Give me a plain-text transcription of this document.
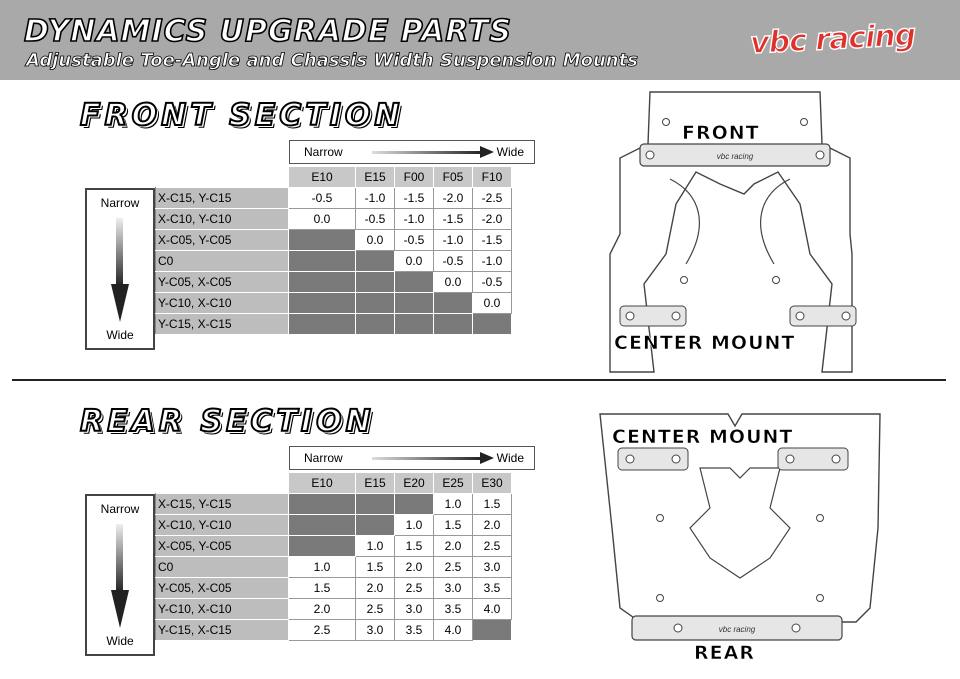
DYNAMICS UPGRADE PARTS
Adjustable Toe-Angle and Chassis Width Suspension Mounts	vbc racing
FRONT SECTION
Narrow	Wide
Narrow
Wide
	E10	E15	F00	F05	F10
X-C15, Y-C15	-0.5	-1.0	-1.5	-2.0	-2.5
X-C10, Y-C10	0.0	-0.5	-1.0	-1.5	-2.0
X-C05, Y-C05		0.0	-0.5	-1.0	-1.5
C0			0.0	-0.5	-1.0
Y-C05, X-C05				0.0	-0.5
Y-C10, X-C10					0.0
Y-C15, X-C15					
vbc racing
FRONT
CENTER MOUNT
REAR SECTION
Narrow	Wide
Narrow
Wide
	E10	E15	E20	E25	E30
X-C15, Y-C15				1.0	1.5
X-C10, Y-C10			1.0	1.5	2.0
X-C05, Y-C05		1.0	1.5	2.0	2.5
C0	1.0	1.5	2.0	2.5	3.0
Y-C05, X-C05	1.5	2.0	2.5	3.0	3.5
Y-C10, X-C10	2.0	2.5	3.0	3.5	4.0
Y-C15, X-C15	2.5	3.0	3.5	4.0		vbc racing
CENTER MOUNT
REAR
